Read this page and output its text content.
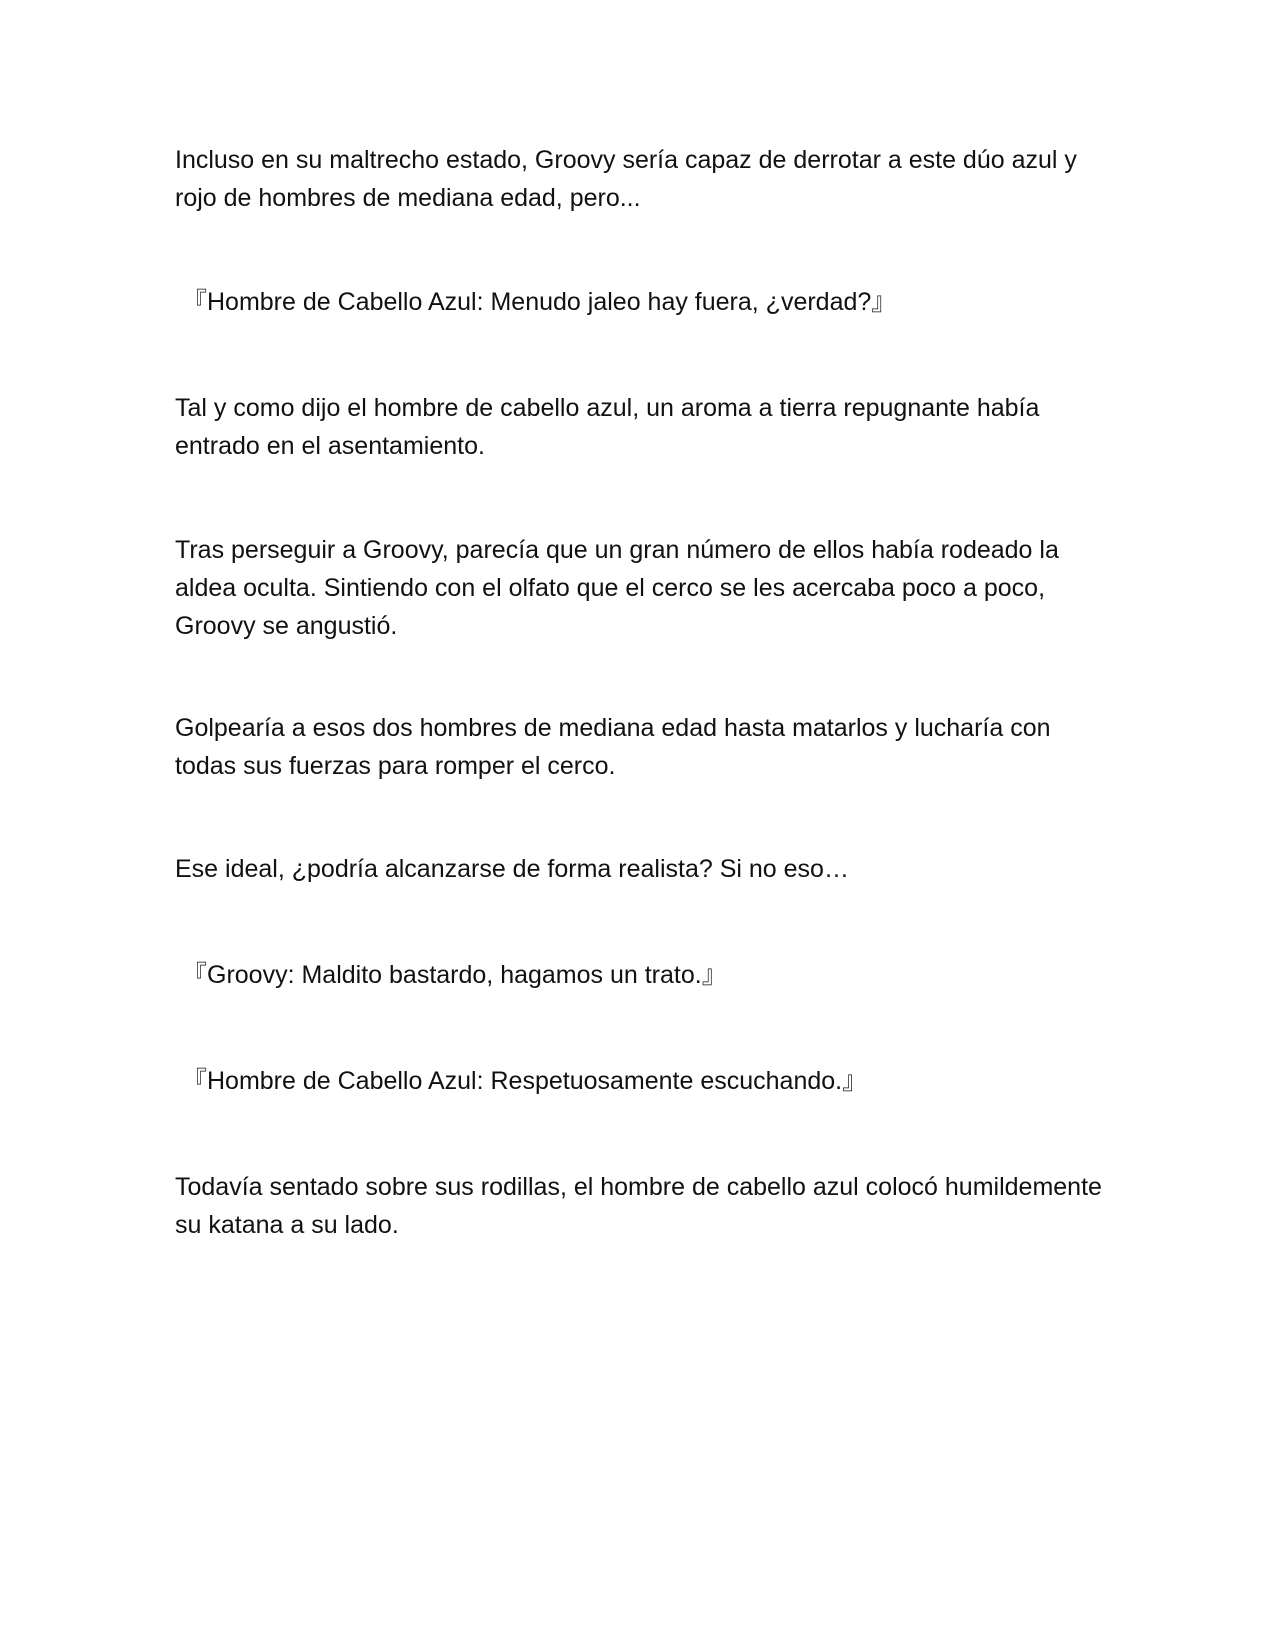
Incluso en su maltrecho estado, Groovy sería capaz de derrotar a este dúo azul y rojo de hombres de mediana edad, pero...

『Hombre de Cabello Azul: Menudo jaleo hay fuera, ¿verdad?』

Tal y como dijo el hombre de cabello azul, un aroma a tierra repugnante había entrado en el asentamiento.

Tras perseguir a Groovy, parecía que un gran número de ellos había rodeado la aldea oculta. Sintiendo con el olfato que el cerco se les acercaba poco a poco, Groovy se angustió.

Golpearía a esos dos hombres de mediana edad hasta matarlos y lucharía con todas sus fuerzas para romper el cerco.

Ese ideal, ¿podría alcanzarse de forma realista? Si no eso…

『Groovy: Maldito bastardo, hagamos un trato.』

『Hombre de Cabello Azul: Respetuosamente escuchando.』

Todavía sentado sobre sus rodillas, el hombre de cabello azul colocó humildemente su katana a su lado.
